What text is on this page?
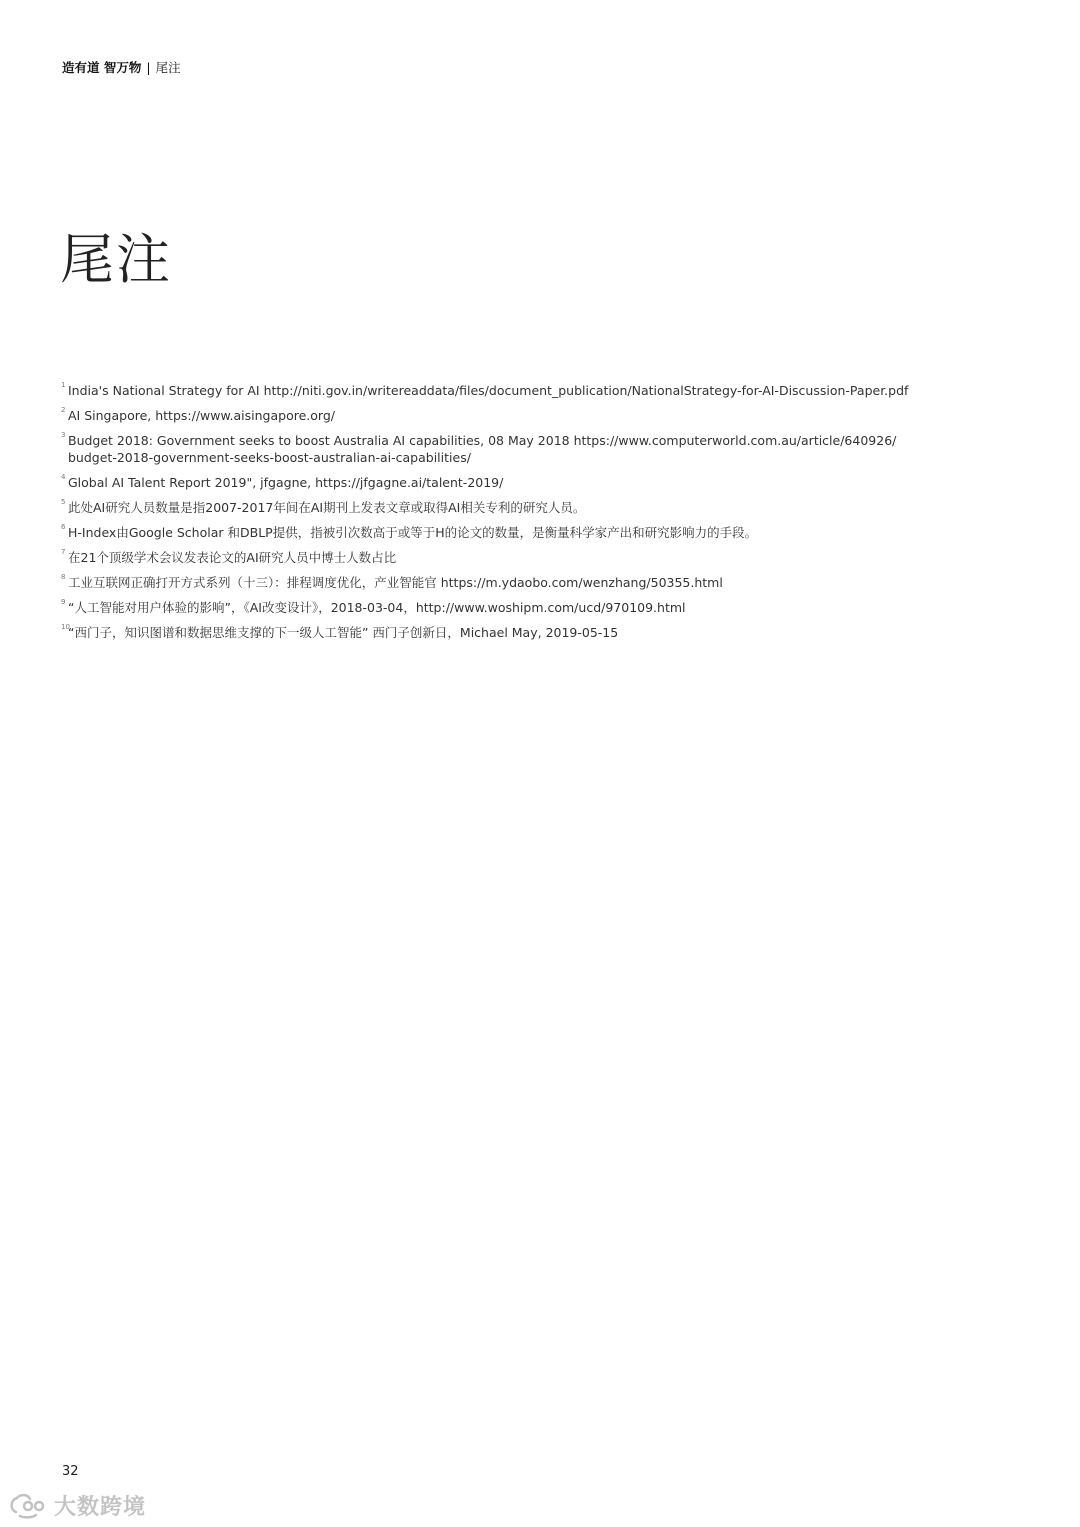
造有道 智万物 | 尾注
尾注
1 India's National Strategy for AI http://niti.gov.in/writereaddata/files/document_publication/NationalStrategy-for-AI-Discussion-Paper.pdf
2 AI Singapore, https://www.aisingapore.org/
3 Budget 2018: Government seeks to boost Australia AI capabilities, 08 May 2018 https://www.computerworld.com.au/article/640926/
budget-2018-government-seeks-boost-australian-ai-capabilities/
4 Global AI Talent Report 2019", jfgagne, https://jfgagne.ai/talent-2019/
5 此处AI研究人员数量是指2007-2017年间在AI期刊上发表文章或取得AI相关专利的研究人员。
6 H-Index由Google Scholar 和DBLP提供，指被引次数高于或等于H的论文的数量，是衡量科学家产出和研究影响力的手段。
7 在21个顶级学术会议发表论文的AI研究人员中博士人数占比
8 工业互联网正确打开方式系列（十三）：排程调度优化，产业智能官 https://m.ydaobo.com/wenzhang/50355.html
9 “人工智能对用户体验的影响”，《AI改变设计》，2018-03-04，http://www.woshipm.com/ucd/970109.html
10
“西门子，知识图谱和数据思维支撑的下一级人工智能” 西门子创新日，Michael May, 2019-05-15
32
大数跨境
